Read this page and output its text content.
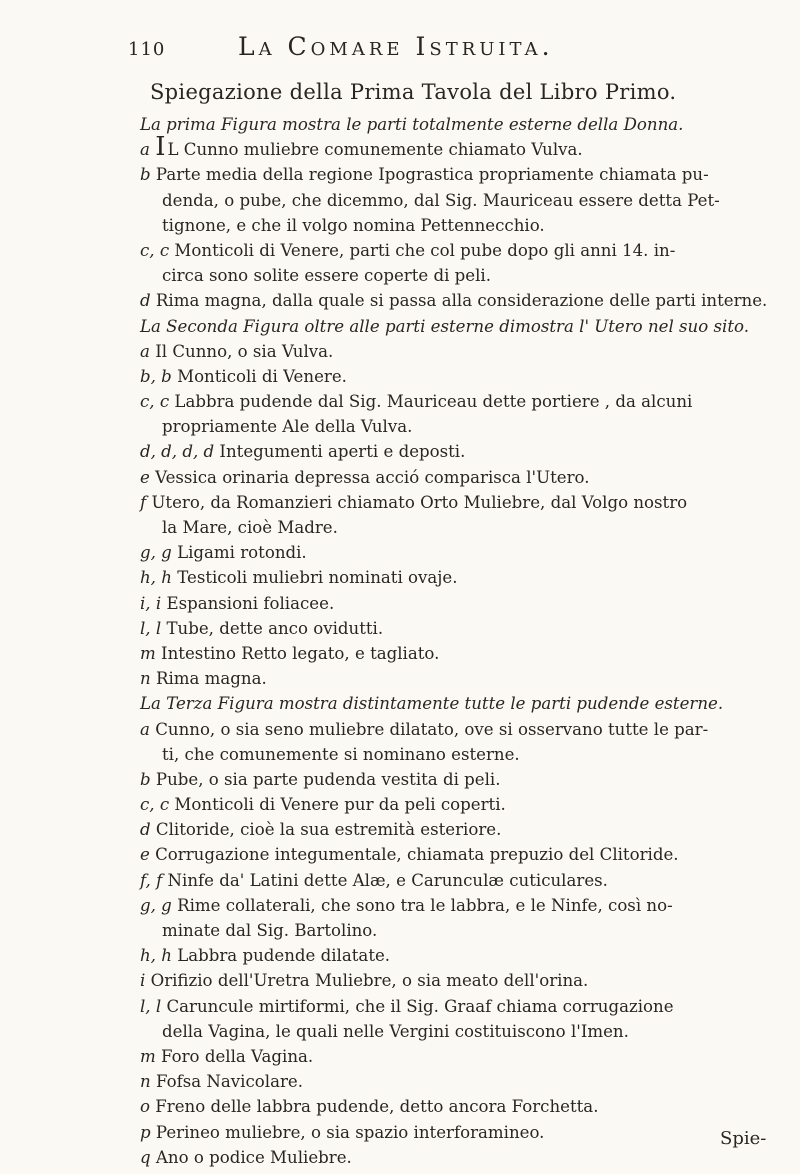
110	La Comare Istruita.
Spiegazione della Prima Tavola del Libro Primo.
La prima Figura mostra le parti totalmente esterne della Donna.
a I L Cunno muliebre comunemente chiamato Vulva.
b Parte media della regione Ipograstica propriamente chiamata pu-
denda, o pube, che dicemmo, dal Sig. Mauriceau essere detta Pet-
tignone, e che il volgo nomina Pettennecchio.
c, c Monticoli di Venere, parti che col pube dopo gli anni 14. in-
circa sono solite essere coperte di peli.
d Rima magna, dalla quale si passa alla considerazione delle parti interne.
La Seconda Figura oltre alle parti esterne dimostra l' Utero nel suo sito.
a Il Cunno, o sia Vulva.
b, b Monticoli di Venere.
c, c Labbra pudende dal Sig. Mauriceau dette portiere , da alcuni
propriamente Ale della Vulva.
d, d, d, d Integumenti aperti e deposti.
e Vessica orinaria depressa acció comparisca l'Utero.
f Utero, da Romanzieri chiamato Orto Muliebre, dal Volgo nostro
la Mare, cioè Madre.
g, g Ligami rotondi.
h, h Testicoli muliebri nominati ovaje.
i, i Espansioni foliacee.
l, l Tube, dette anco ovidutti.
m Intestino Retto legato, e tagliato.
n Rima magna.
La Terza Figura mostra distintamente tutte le parti pudende esterne.
a Cunno, o sia seno muliebre dilatato, ove si osservano tutte le par-
ti, che comunemente si nominano esterne.
b Pube, o sia parte pudenda vestita di peli.
c, c Monticoli di Venere pur da peli coperti.
d Clitoride, cioè la sua estremità esteriore.
e Corrugazione integumentale, chiamata prepuzio del Clitoride.
f, f Ninfe da' Latini dette Alæ, e Carunculæ cuticulares.
g, g Rime collaterali, che sono tra le labbra, e le Ninfe, così no-
minate dal Sig. Bartolino.
h, h Labbra pudende dilatate.
i Orifizio dell'Uretra Muliebre, o sia meato dell'orina.
l, l Caruncule mirtiformi, che il Sig. Graaf chiama corrugazione
della Vagina, le quali nelle Vergini costituiscono l'Imen.
m Foro della Vagina.
n Fofsa Navicolare.
o Freno delle labbra pudende, detto ancora Forchetta.
p Perineo muliebre, o sia spazio interforamineo.
q Ano o podice Muliebre.
Spie-
